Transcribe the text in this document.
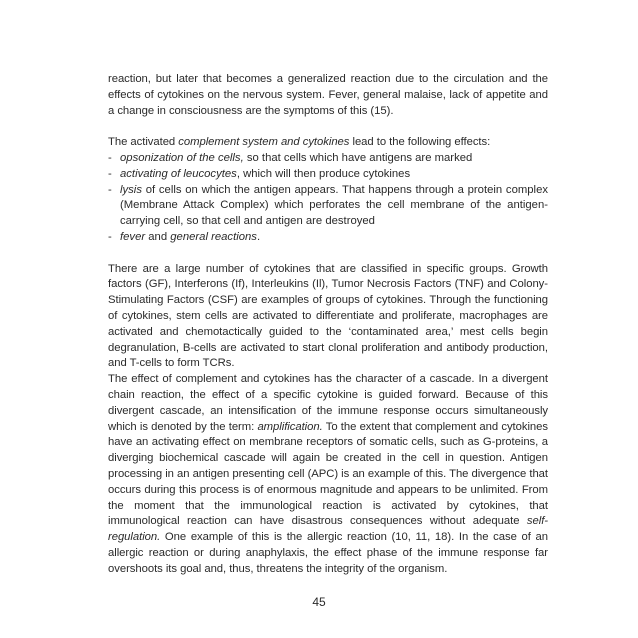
reaction, but later that becomes a generalized reaction due to the circulation and the effects of cytokines on the nervous system. Fever, general malaise, lack of appetite and a change in consciousness are the symptoms of this (15).

The activated complement system and cytokines lead to the following effects:

- opsonization of the cells, so that cells which have antigens are marked
- activating of leucocytes, which will then produce cytokines
- lysis of cells on which the antigen appears. That happens through a protein complex (Membrane Attack Complex) which perforates the cell membrane of the antigen-carrying cell, so that cell and antigen are destroyed
- fever and general reactions.

There are a large number of cytokines that are classified in specific groups. Growth factors (GF), Interferons (If), Interleukins (Il), Tumor Necrosis Factors (TNF) and Colony-Stimulating Factors (CSF) are examples of groups of cytokines. Through the functioning of cytokines, stem cells are activated to differentiate and proliferate, macrophages are activated and chemotactically guided to the ‘contaminated area,’ mest cells begin degranulation, B-cells are activated to start clonal proliferation and antibody production, and T-cells to form TCRs.

The effect of complement and cytokines has the character of a cascade. In a divergent chain reaction, the effect of a specific cytokine is guided forward. Because of this divergent cascade, an intensification of the immune response occurs simultaneously which is denoted by the term: amplification. To the extent that complement and cytokines have an activating effect on membrane receptors of somatic cells, such as G-proteins, a diverging biochemical cascade will again be created in the cell in question. Antigen processing in an antigen presenting cell (APC) is an example of this. The divergence that occurs during this process is of enormous magnitude and appears to be unlimited. From the moment that the immunological reaction is activated by cytokines, that immunological reaction can have disastrous consequences without adequate self-regulation. One example of this is the allergic reaction (10, 11, 18). In the case of an allergic reaction or during anaphylaxis, the effect phase of the immune response far overshoots its goal and, thus, threatens the integrity of the organism.

45
